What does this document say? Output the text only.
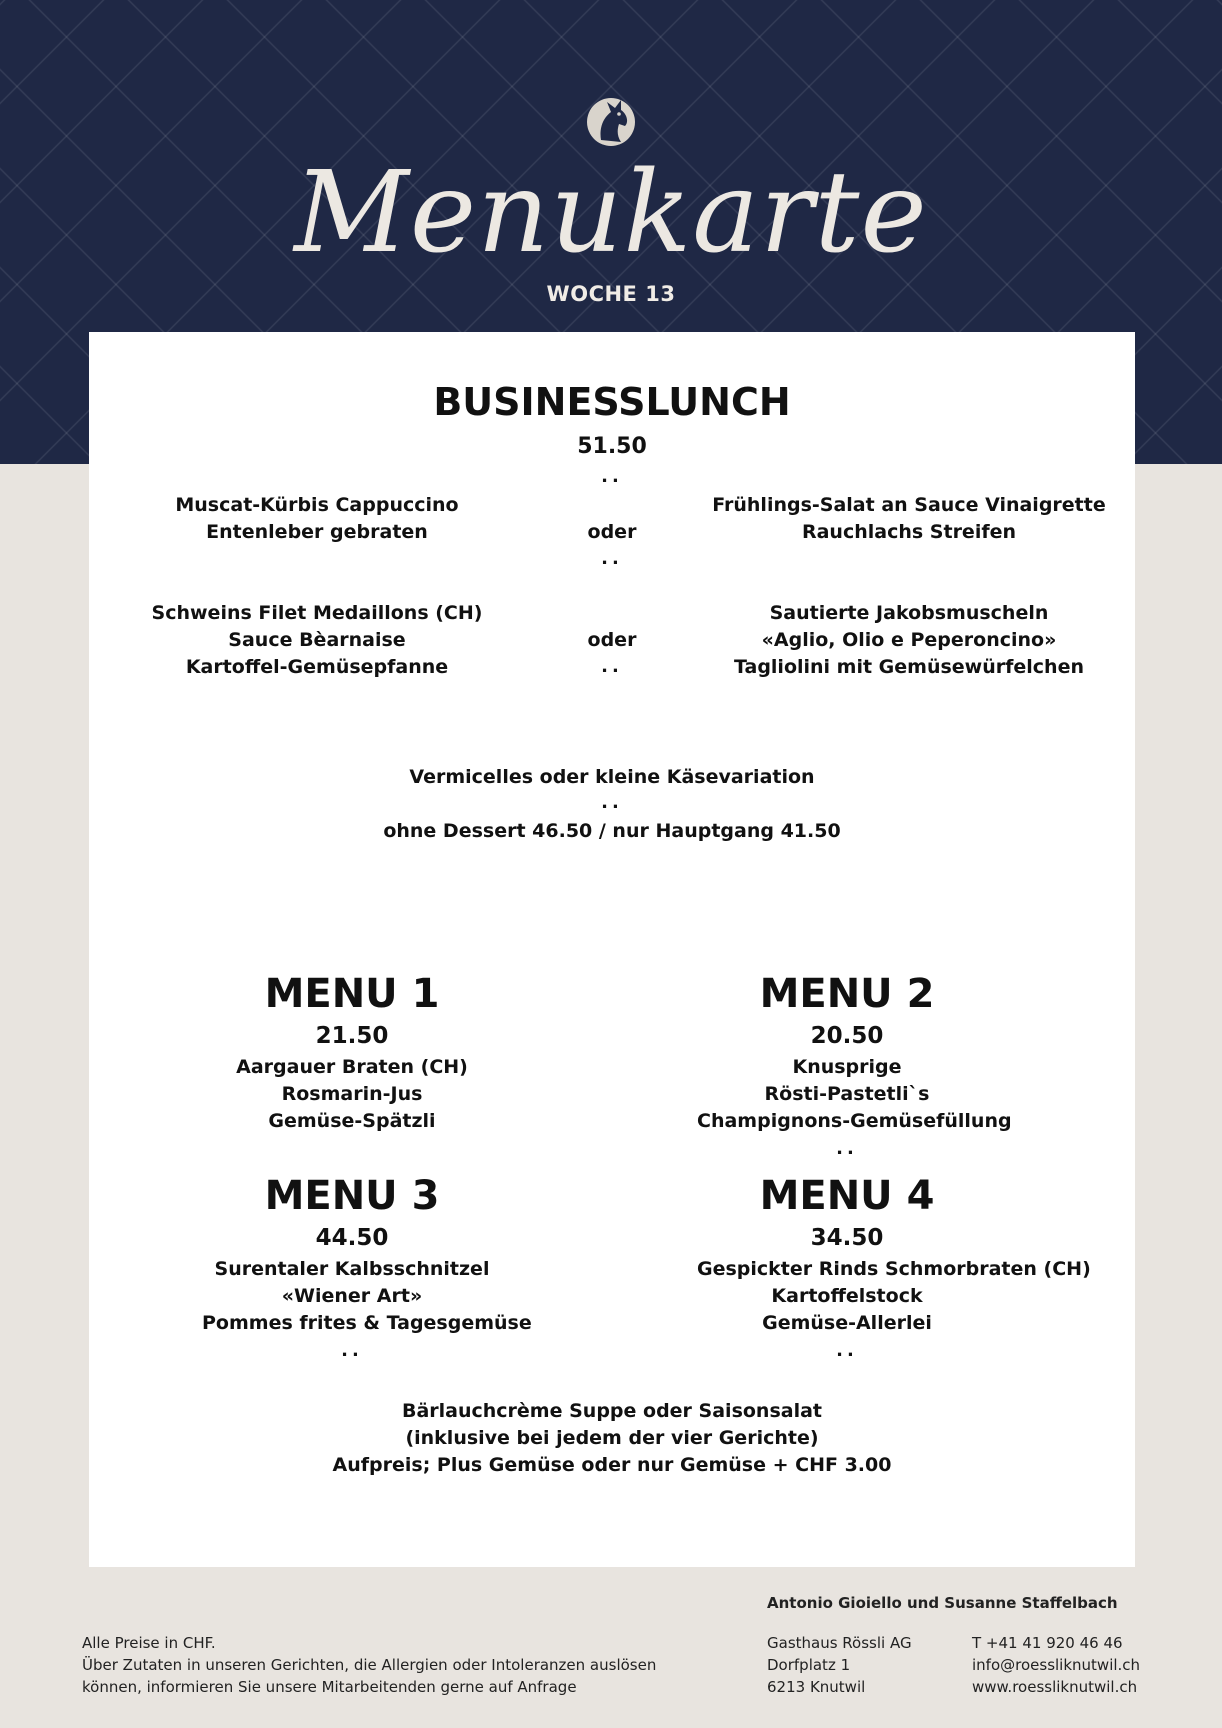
Menukarte
WOCHE 13
BUSINESSLUNCH
51.50
..
Muscat-Kürbis Cappuccino
Entenleber gebraten	oder
Frühlings-Salat an Sauce Vinaigrette
Rauchlachs Streifen
..
Schweins Filet Medaillons (CH)
Sauce Bèarnaise
Kartoffel-Gemüsepfanne
oder
..
Sautierte Jakobsmuscheln
«Aglio, Olio e Peperoncino»
Tagliolini mit Gemüsewürfelchen
Vermicelles oder kleine Käsevariation
..
ohne Dessert 46.50 / nur Hauptgang 41.50
MENU 1
21.50
Aargauer Braten (CH)
Rosmarin-Jus
Gemüse-Spätzli
MENU 2
20.50
Knusprige
Rösti-Pastetli`s
Champignons-Gemüsefüllung
..
MENU 3
44.50
Surentaler Kalbsschnitzel
«Wiener Art»
Pommes frites & Tagesgemüse
..
MENU 4
34.50
Gespickter Rinds Schmorbraten (CH)
Kartoffelstock
Gemüse-Allerlei
..
Bärlauchcrème Suppe oder Saisonsalat
(inklusive bei jedem der vier Gerichte)
Aufpreis; Plus Gemüse oder nur Gemüse + CHF 3.00
Antonio Gioiello und Susanne Staffelbach
Alle Preise in CHF.
Über Zutaten in unseren Gerichten, die Allergien oder Intoleranzen auslösen
können, informieren Sie unsere Mitarbeitenden gerne auf Anfrage
Gasthaus Rössli AG
Dorfplatz 1
6213 Knutwil
T +41 41 920 46 46
info@roessliknutwil.ch
www.roessliknutwil.ch
